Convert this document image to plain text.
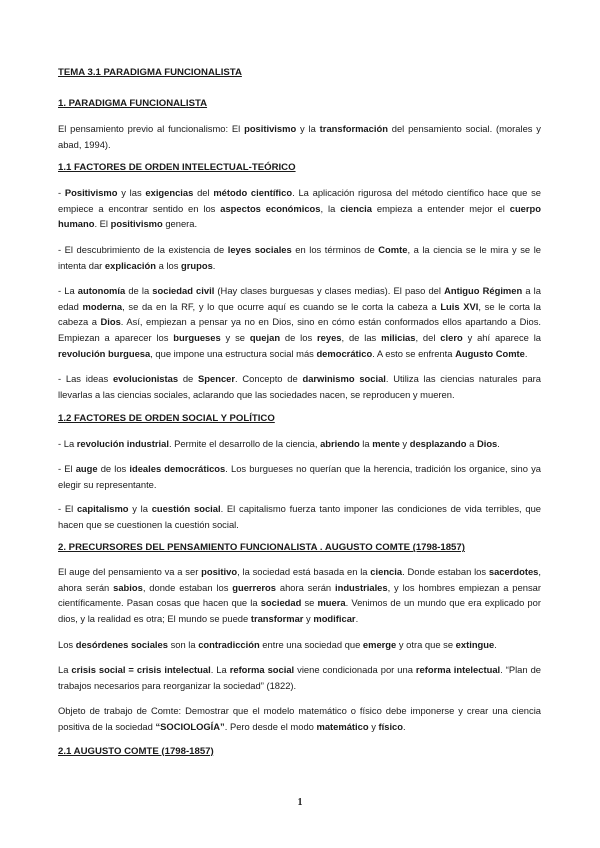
TEMA 3.1 PARADIGMA FUNCIONALISTA

1. PARADIGMA FUNCIONALISTA

El pensamiento previo al funcionalismo: El positivismo y la transformación del pensamiento social. (morales y abad, 1994).

1.1 FACTORES DE ORDEN INTELECTUAL-TEÓRICO

- Positivismo y las exigencias del método científico. La aplicación rigurosa del método científico hace que se empiece a encontrar sentido en los aspectos económicos, la ciencia empieza a entender mejor el cuerpo humano. El positivismo genera.

- El descubrimiento de la existencia de leyes sociales en los términos de Comte, a la ciencia se le mira y se le intenta dar explicación a los grupos.

- La autonomía de la sociedad civil (Hay clases burguesas y clases medias). El paso del Antiguo Régimen a la edad moderna, se da en la RF, y lo que ocurre aquí es cuando se le corta la cabeza a Luis XVI, se le corta la cabeza a Dios. Así, empiezan a pensar ya no en Dios, sino en cómo están conformados ellos apartando a Dios. Empiezan a aparecer los burgueses y se quejan de los reyes, de las milicias, del clero y ahí aparece la revolución burguesa, que impone una estructura social más democrático. A esto se enfrenta Augusto Comte.

- Las ideas evolucionistas de Spencer. Concepto de darwinismo social. Utiliza las ciencias naturales para llevarlas a las ciencias sociales, aclarando que las sociedades nacen, se reproducen y mueren.

1.2 FACTORES DE ORDEN SOCIAL Y POLÍTICO

- La revolución industrial. Permite el desarrollo de la ciencia, abriendo la mente y desplazando a Dios.

- El auge de los ideales democráticos. Los burgueses no querían que la herencia, tradición los organice, sino ya elegir su representante.

- El capitalismo y la cuestión social. El capitalismo fuerza tanto imponer las condiciones de vida terribles, que hacen que se cuestionen la cuestión social.

2. PRECURSORES DEL PENSAMIENTO FUNCIONALISTA . AUGUSTO COMTE (1798-1857)

El auge del pensamiento va a ser positivo, la sociedad está basada en la ciencia. Donde estaban los sacerdotes, ahora serán sabios, donde estaban los guerreros ahora serán industriales, y los hombres empiezan a pensar científicamente. Pasan cosas que hacen que la sociedad se muera. Venimos de un mundo que era explicado por dios, y la realidad es otra; El mundo se puede transformar y modificar.

Los desórdenes sociales son la contradicción entre una sociedad que emerge y otra que se extingue.

La crisis social = crisis intelectual. La reforma social viene condicionada por una reforma intelectual. “Plan de trabajos necesarios para reorganizar la sociedad” (1822).

Objeto de trabajo de Comte: Demostrar que el modelo matemático o físico debe imponerse y crear una ciencia positiva de la sociedad “SOCIOLOGÍA”. Pero desde el modo matemático y físico.

2.1 AUGUSTO COMTE (1798-1857)

1
